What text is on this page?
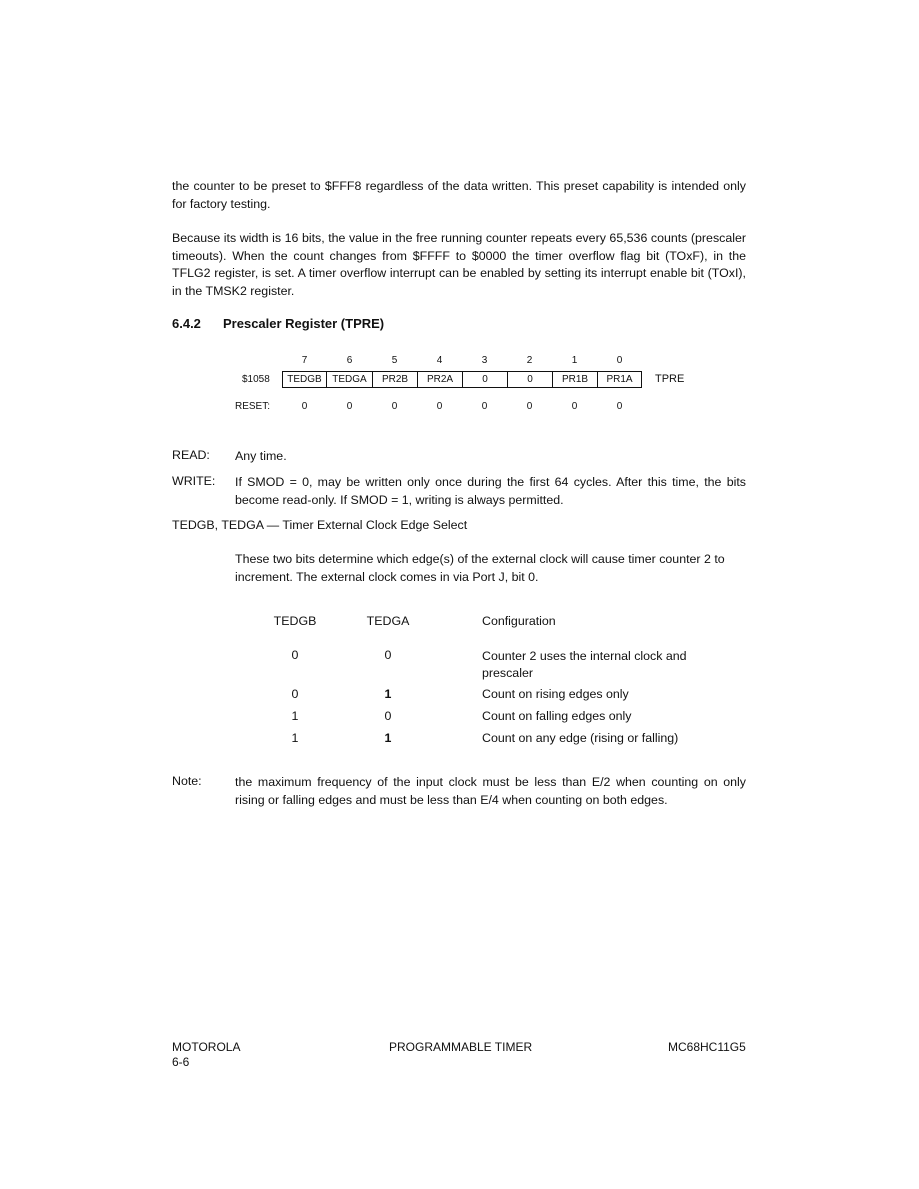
the counter to be preset to $FFF8 regardless of the data written. This preset capability is intended only for factory testing.

Because its width is 16 bits, the value in the free running counter repeats every 65,536 counts (prescaler timeouts). When the count changes from $FFFF to $0000 the timer overflow flag bit (TOxF), in the TFLG2 register, is set. A timer overflow interrupt can be enabled by setting its interrupt enable bit (TOxI), in the TMSK2 register.

6.4.2 Prescaler Register (TPRE)
7	6	5	4	3	2	1	0
$1058	TEDGB	TEDGA	PR2B	PR2A	0	0	PR1B	PR1A	TPRE
RESET:	0	0	0	0	0	0	0	0
READ: Any time.
WRITE: If SMOD = 0, may be written only once during the first 64 cycles. After this time, the bits become read-only. If SMOD = 1, writing is always permitted.
TEDGB, TEDGA — Timer External Clock Edge Select
These two bits determine which edge(s) of the external clock will cause timer counter 2 to increment. The external clock comes in via Port J, bit 0.
TEDGB	TEDGA	Configuration
0	0	Counter 2 uses the internal clock and prescaler
0	1	Count on rising edges only
1	0	Count on falling edges only
1	1	Count on any edge (rising or falling)
Note:	the maximum frequency of the input clock must be less than E/2 when counting on only rising or falling edges and must be less than E/4 when counting on both edges.
MOTOROLA
6-6
PROGRAMMABLE TIMER	MC68HC11G5
